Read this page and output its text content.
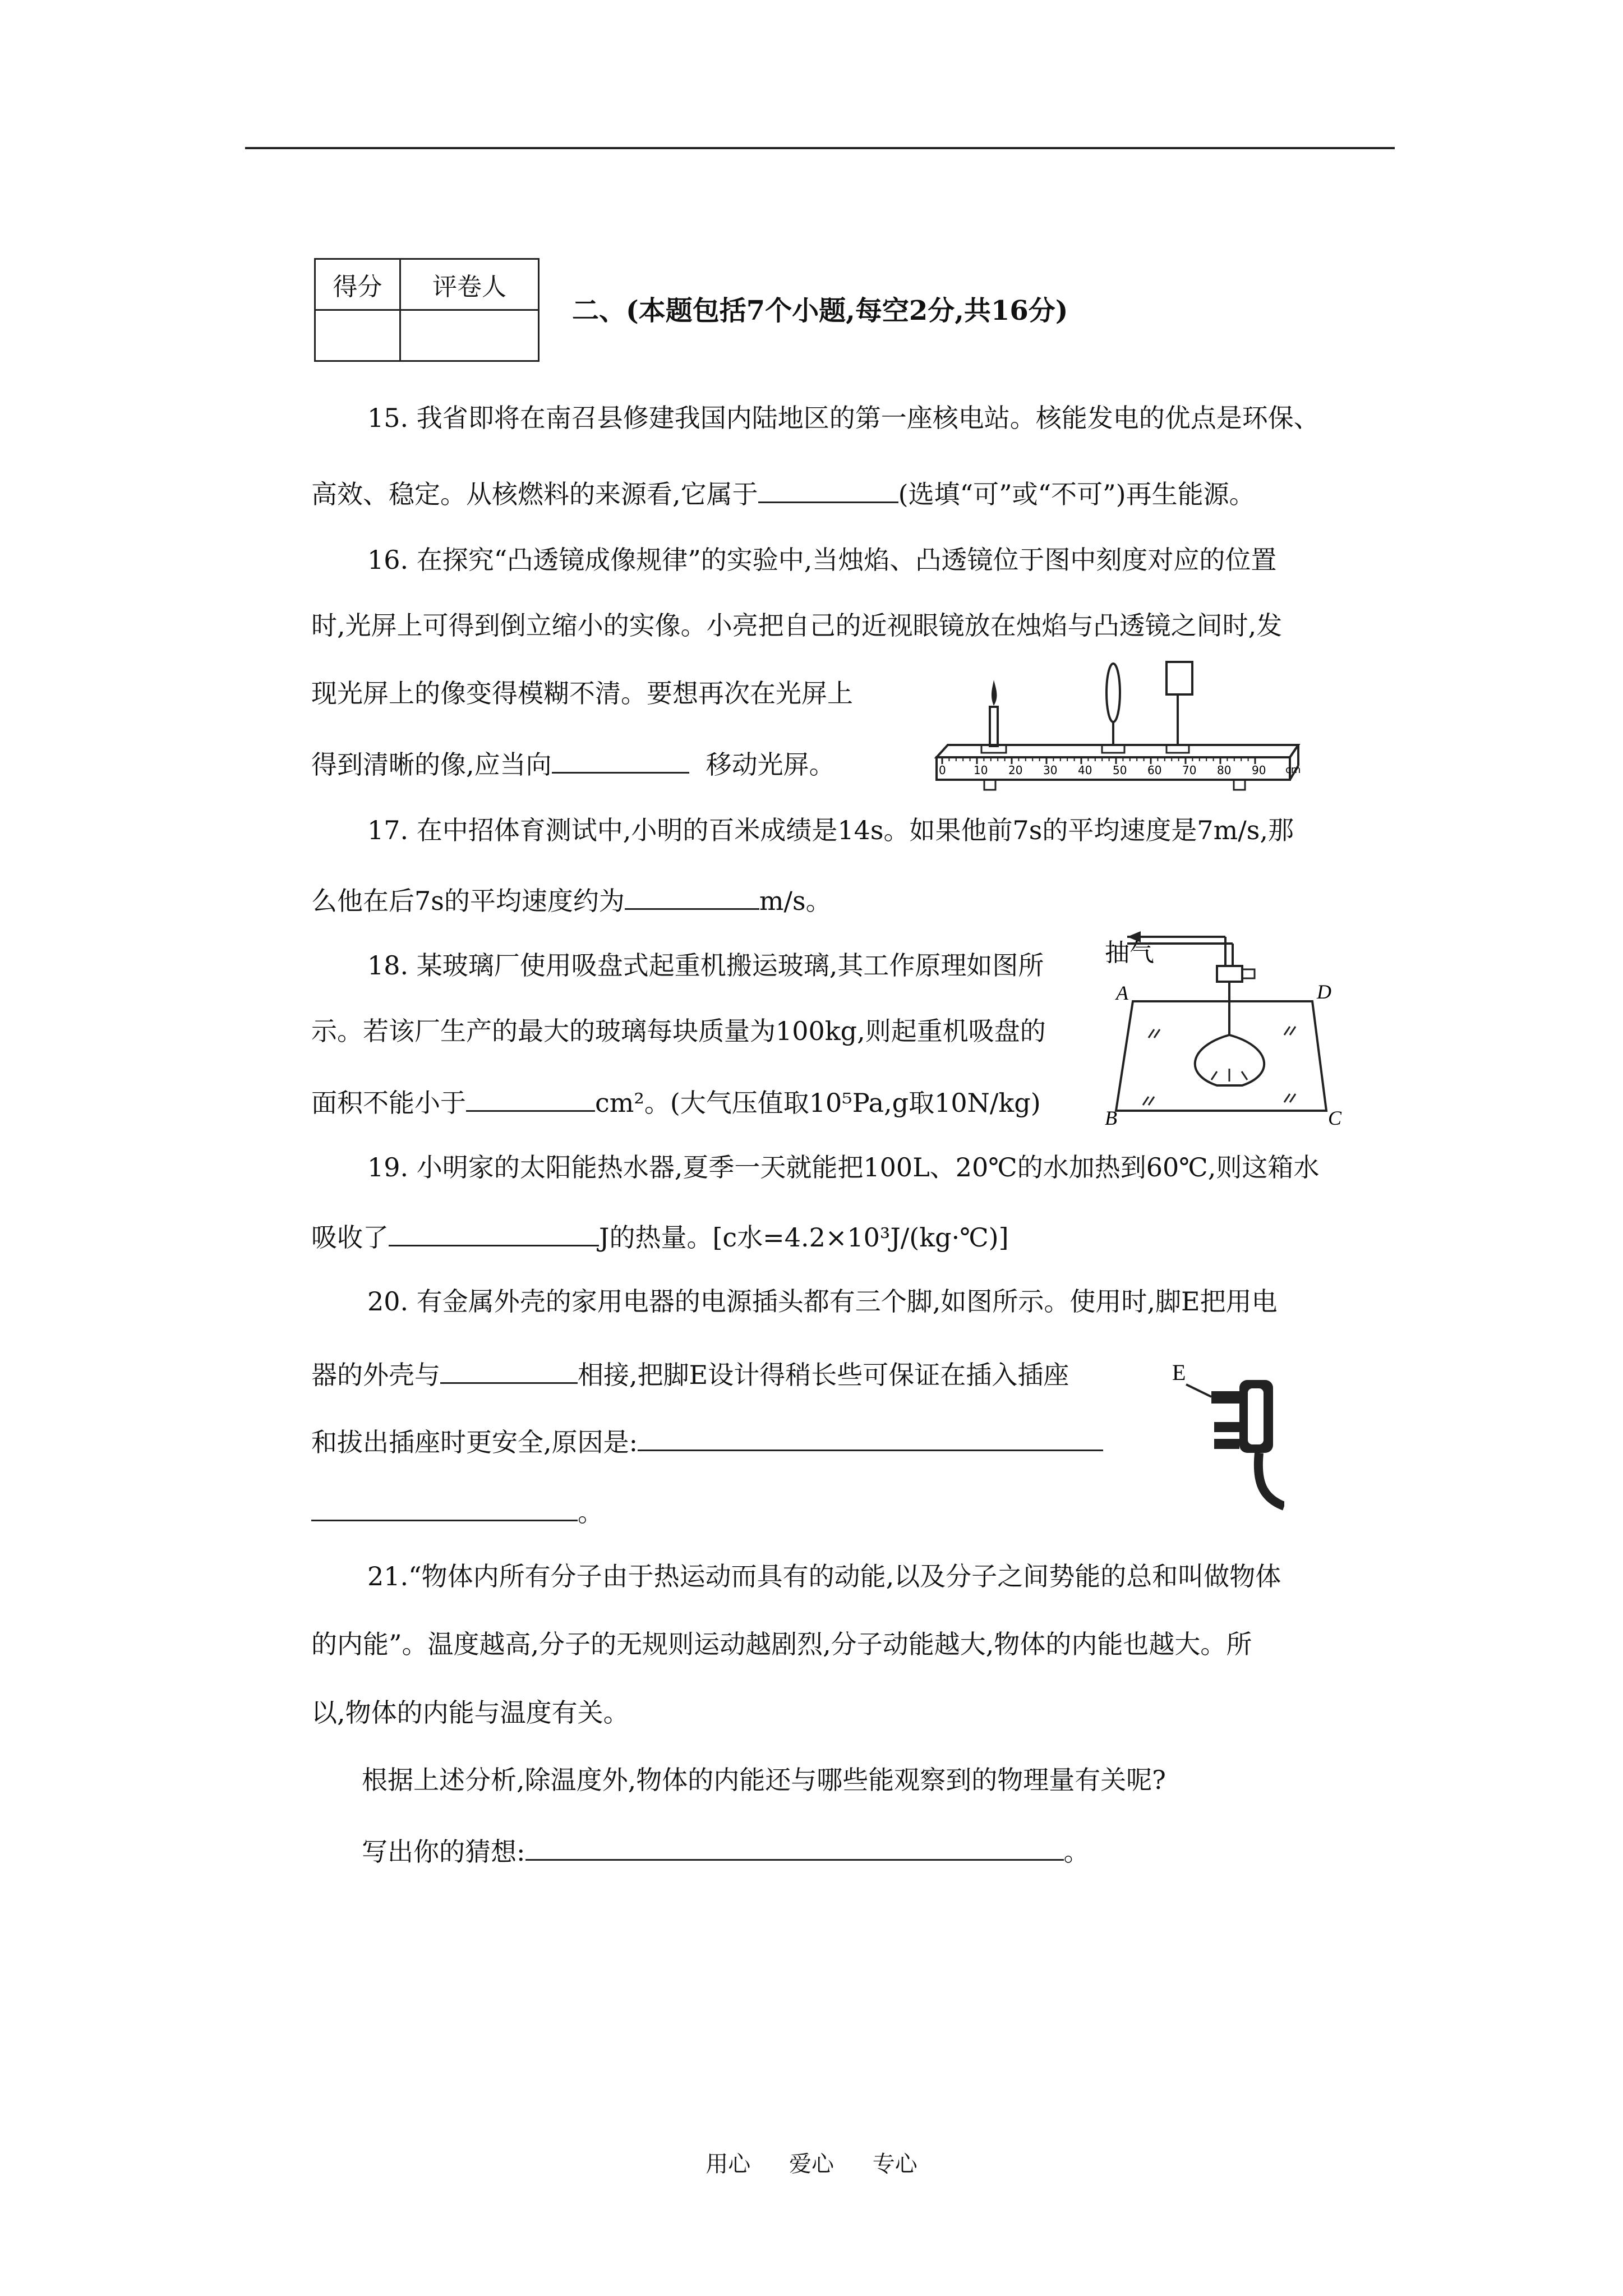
得分	评卷人

二、(本题包括7个小题,每空2分,共16分)
15. 我省即将在南召县修建我国内陆地区的第一座核电站。核能发电的优点是环保、
高效、稳定。从核燃料的来源看,它属于	(选填“可”或“不可”)再生能源。
16. 在探究“凸透镜成像规律”的实验中,当烛焰、凸透镜位于图中刻度对应的位置
时,光屏上可得到倒立缩小的实像。小亮把自己的近视眼镜放在烛焰与凸透镜之间时,发
现光屏上的像变得模糊不清。要想再次在光屏上
得到清晰的像,应当向	移动光屏。	0 10 20 30 40 50 60 70 80 90 cm
17. 在中招体育测试中,小明的百米成绩是14s。如果他前7s的平均速度是7m/s,那
么他在后7s的平均速度约为	m/s。
18. 某玻璃厂使用吸盘式起重机搬运玻璃,其工作原理如图所
示。若该厂生产的最大的玻璃每块质量为100kg,则起重机吸盘的
面积不能小于	cm²。(大气压值取10⁵Pa,g取10N/kg)
抽气
A	D
B	C
19. 小明家的太阳能热水器,夏季一天就能把100L、20℃的水加热到60℃,则这箱水
吸收了	J的热量。[c水=4.2×10³J/(kg·℃)]
20. 有金属外壳的家用电器的电源插头都有三个脚,如图所示。使用时,脚E把用电
器的外壳与	相接,把脚E设计得稍长些可保证在插入插座
和拔出插座时更安全,原因是:
。
E
21.“物体内所有分子由于热运动而具有的动能,以及分子之间势能的总和叫做物体
的内能”。温度越高,分子的无规则运动越剧烈,分子动能越大,物体的内能也越大。所
以,物体的内能与温度有关。
根据上述分析,除温度外,物体的内能还与哪些能观察到的物理量有关呢?
写出你的猜想:	。
用心 爱心 专心
